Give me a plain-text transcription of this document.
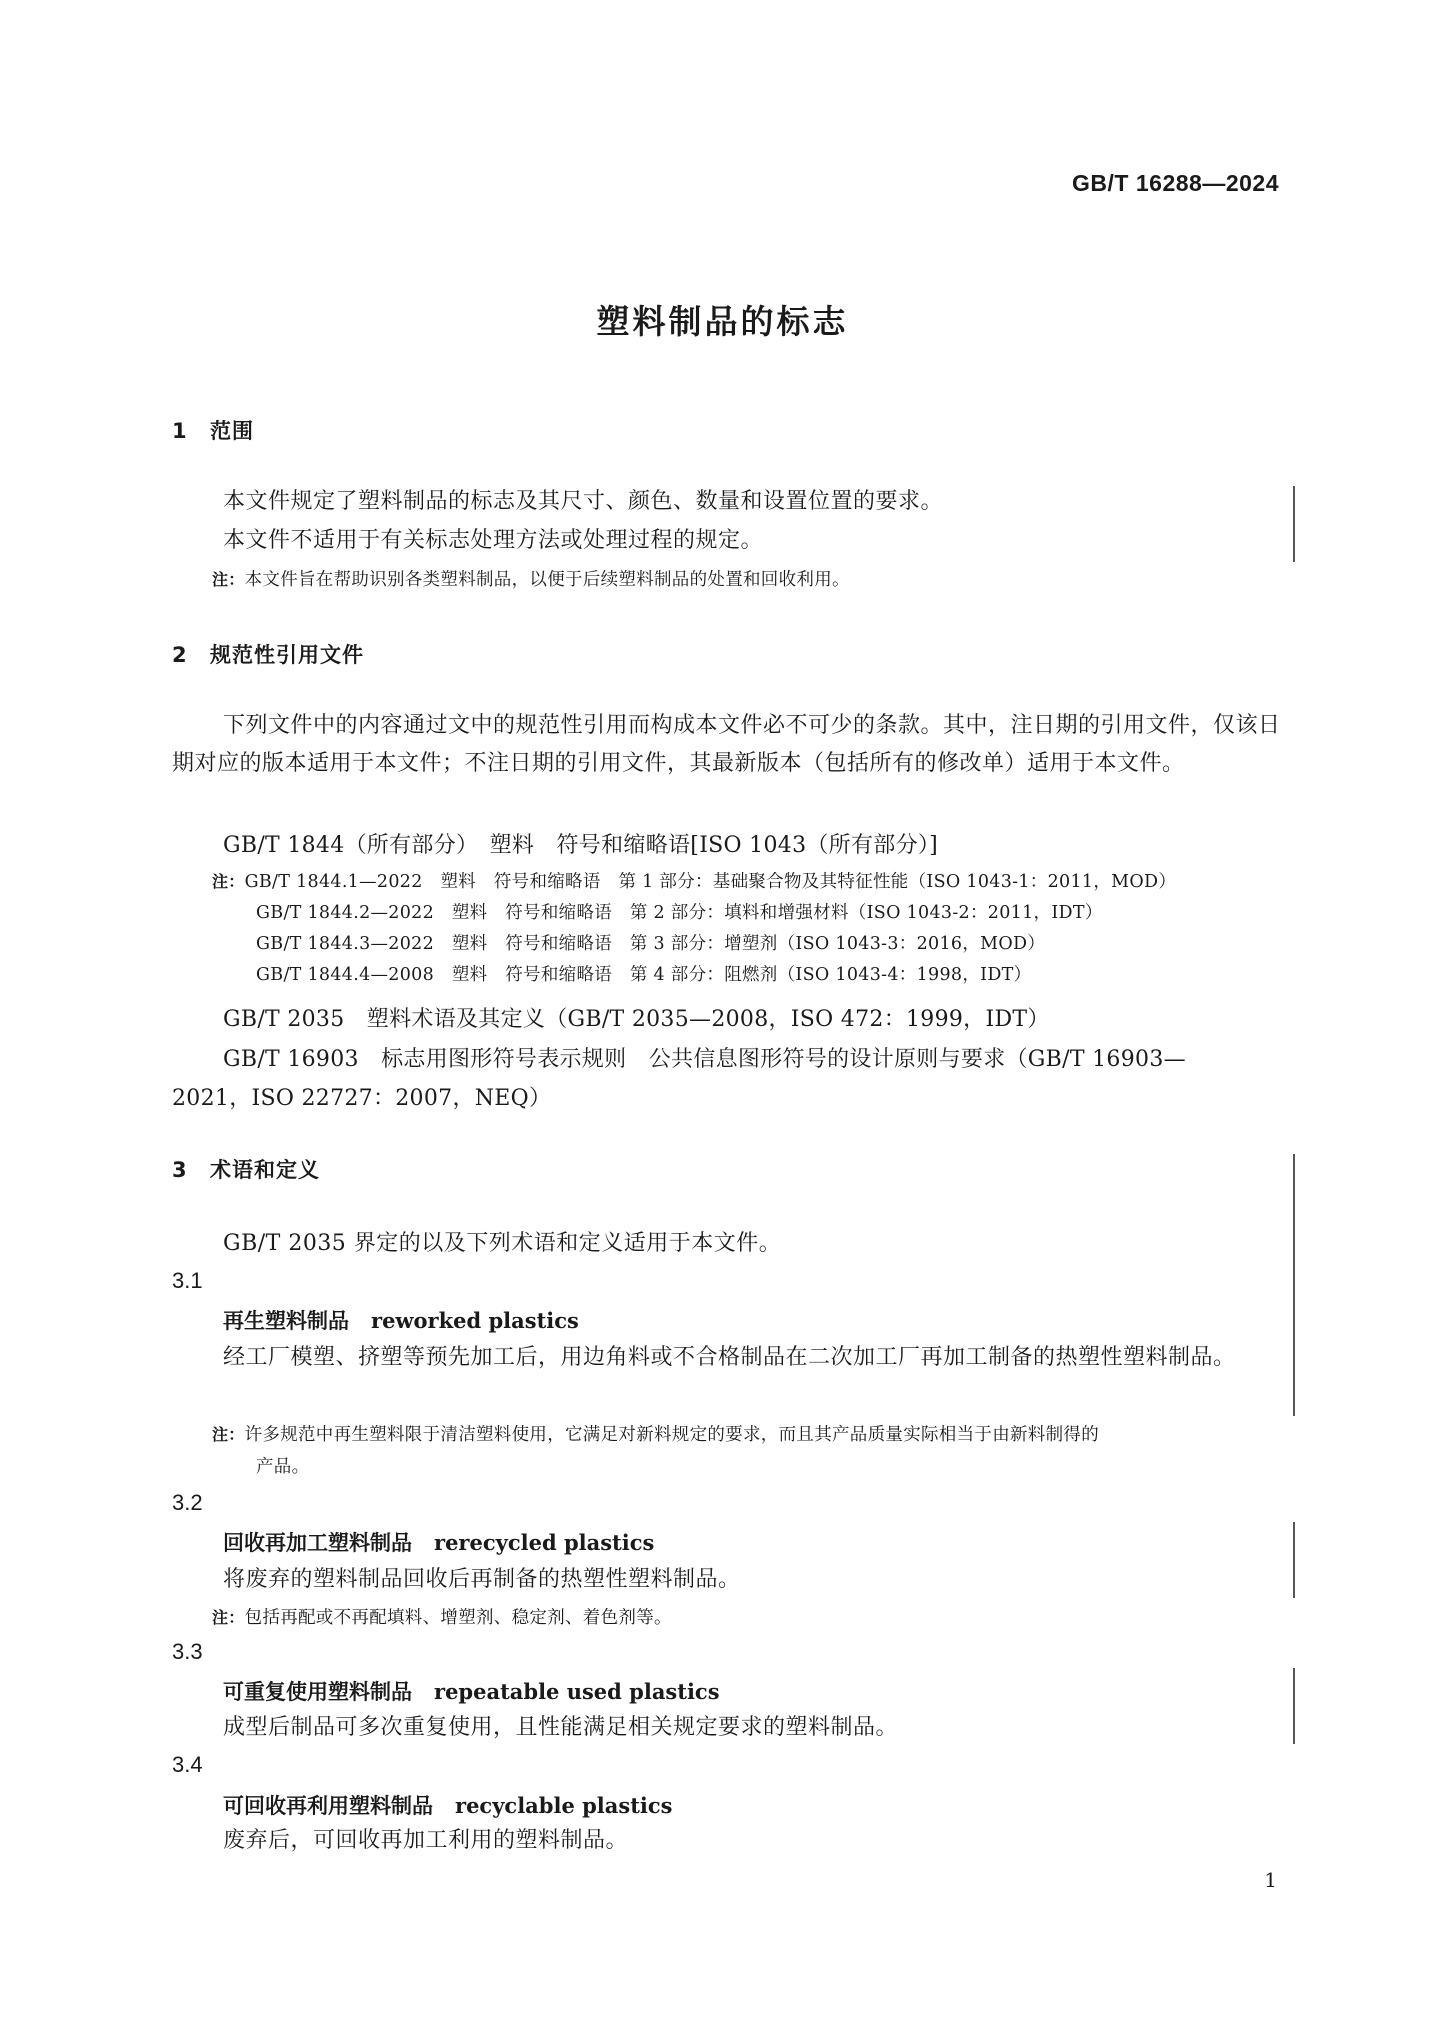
GB/T 16288—2024
塑料制品的标志
1 范围
本文件规定了塑料制品的标志及其尺寸、颜色、数量和设置位置的要求。
本文件不适用于有关标志处理方法或处理过程的规定。
注：本文件旨在帮助识别各类塑料制品，以便于后续塑料制品的处置和回收利用。
2 规范性引用文件
下列文件中的内容通过文中的规范性引用而构成本文件必不可少的条款。其中，注日期的引用文件，仅该日期对应的版本适用于本文件；不注日期的引用文件，其最新版本（包括所有的修改单）适用于本文件。
GB/T 1844（所有部分）　塑料　符号和缩略语[ISO 1043（所有部分）]
注：GB/T 1844.1—2022　塑料　符号和缩略语　第 1 部分：基础聚合物及其特征性能（ISO 1043-1：2011，MOD）
GB/T 1844.2—2022　塑料　符号和缩略语　第 2 部分：填料和增强材料（ISO 1043-2：2011，IDT）
GB/T 1844.3—2022　塑料　符号和缩略语　第 3 部分：增塑剂（ISO 1043-3：2016，MOD）
GB/T 1844.4—2008　塑料　符号和缩略语　第 4 部分：阻燃剂（ISO 1043-4：1998，IDT）
GB/T 2035　塑料术语及其定义（GB/T 2035—2008，ISO 472：1999，IDT）
GB/T 16903　标志用图形符号表示规则　公共信息图形符号的设计原则与要求（GB/T 16903—
2021，ISO 22727：2007，NEQ）
3 术语和定义
GB/T 2035 界定的以及下列术语和定义适用于本文件。
3.1
再生塑料制品 reworked plastics
经工厂模塑、挤塑等预先加工后，用边角料或不合格制品在二次加工厂再加工制备的热塑性塑料制品。
注：许多规范中再生塑料限于清洁塑料使用，它满足对新料规定的要求，而且其产品质量实际相当于由新料制得的
产品。
3.2
回收再加工塑料制品 rerecycled plastics
将废弃的塑料制品回收后再制备的热塑性塑料制品。
注：包括再配或不再配填料、增塑剂、稳定剂、着色剂等。
3.3
可重复使用塑料制品 repeatable used plastics
成型后制品可多次重复使用，且性能满足相关规定要求的塑料制品。
3.4
可回收再利用塑料制品 recyclable plastics
废弃后，可回收再加工利用的塑料制品。
1
